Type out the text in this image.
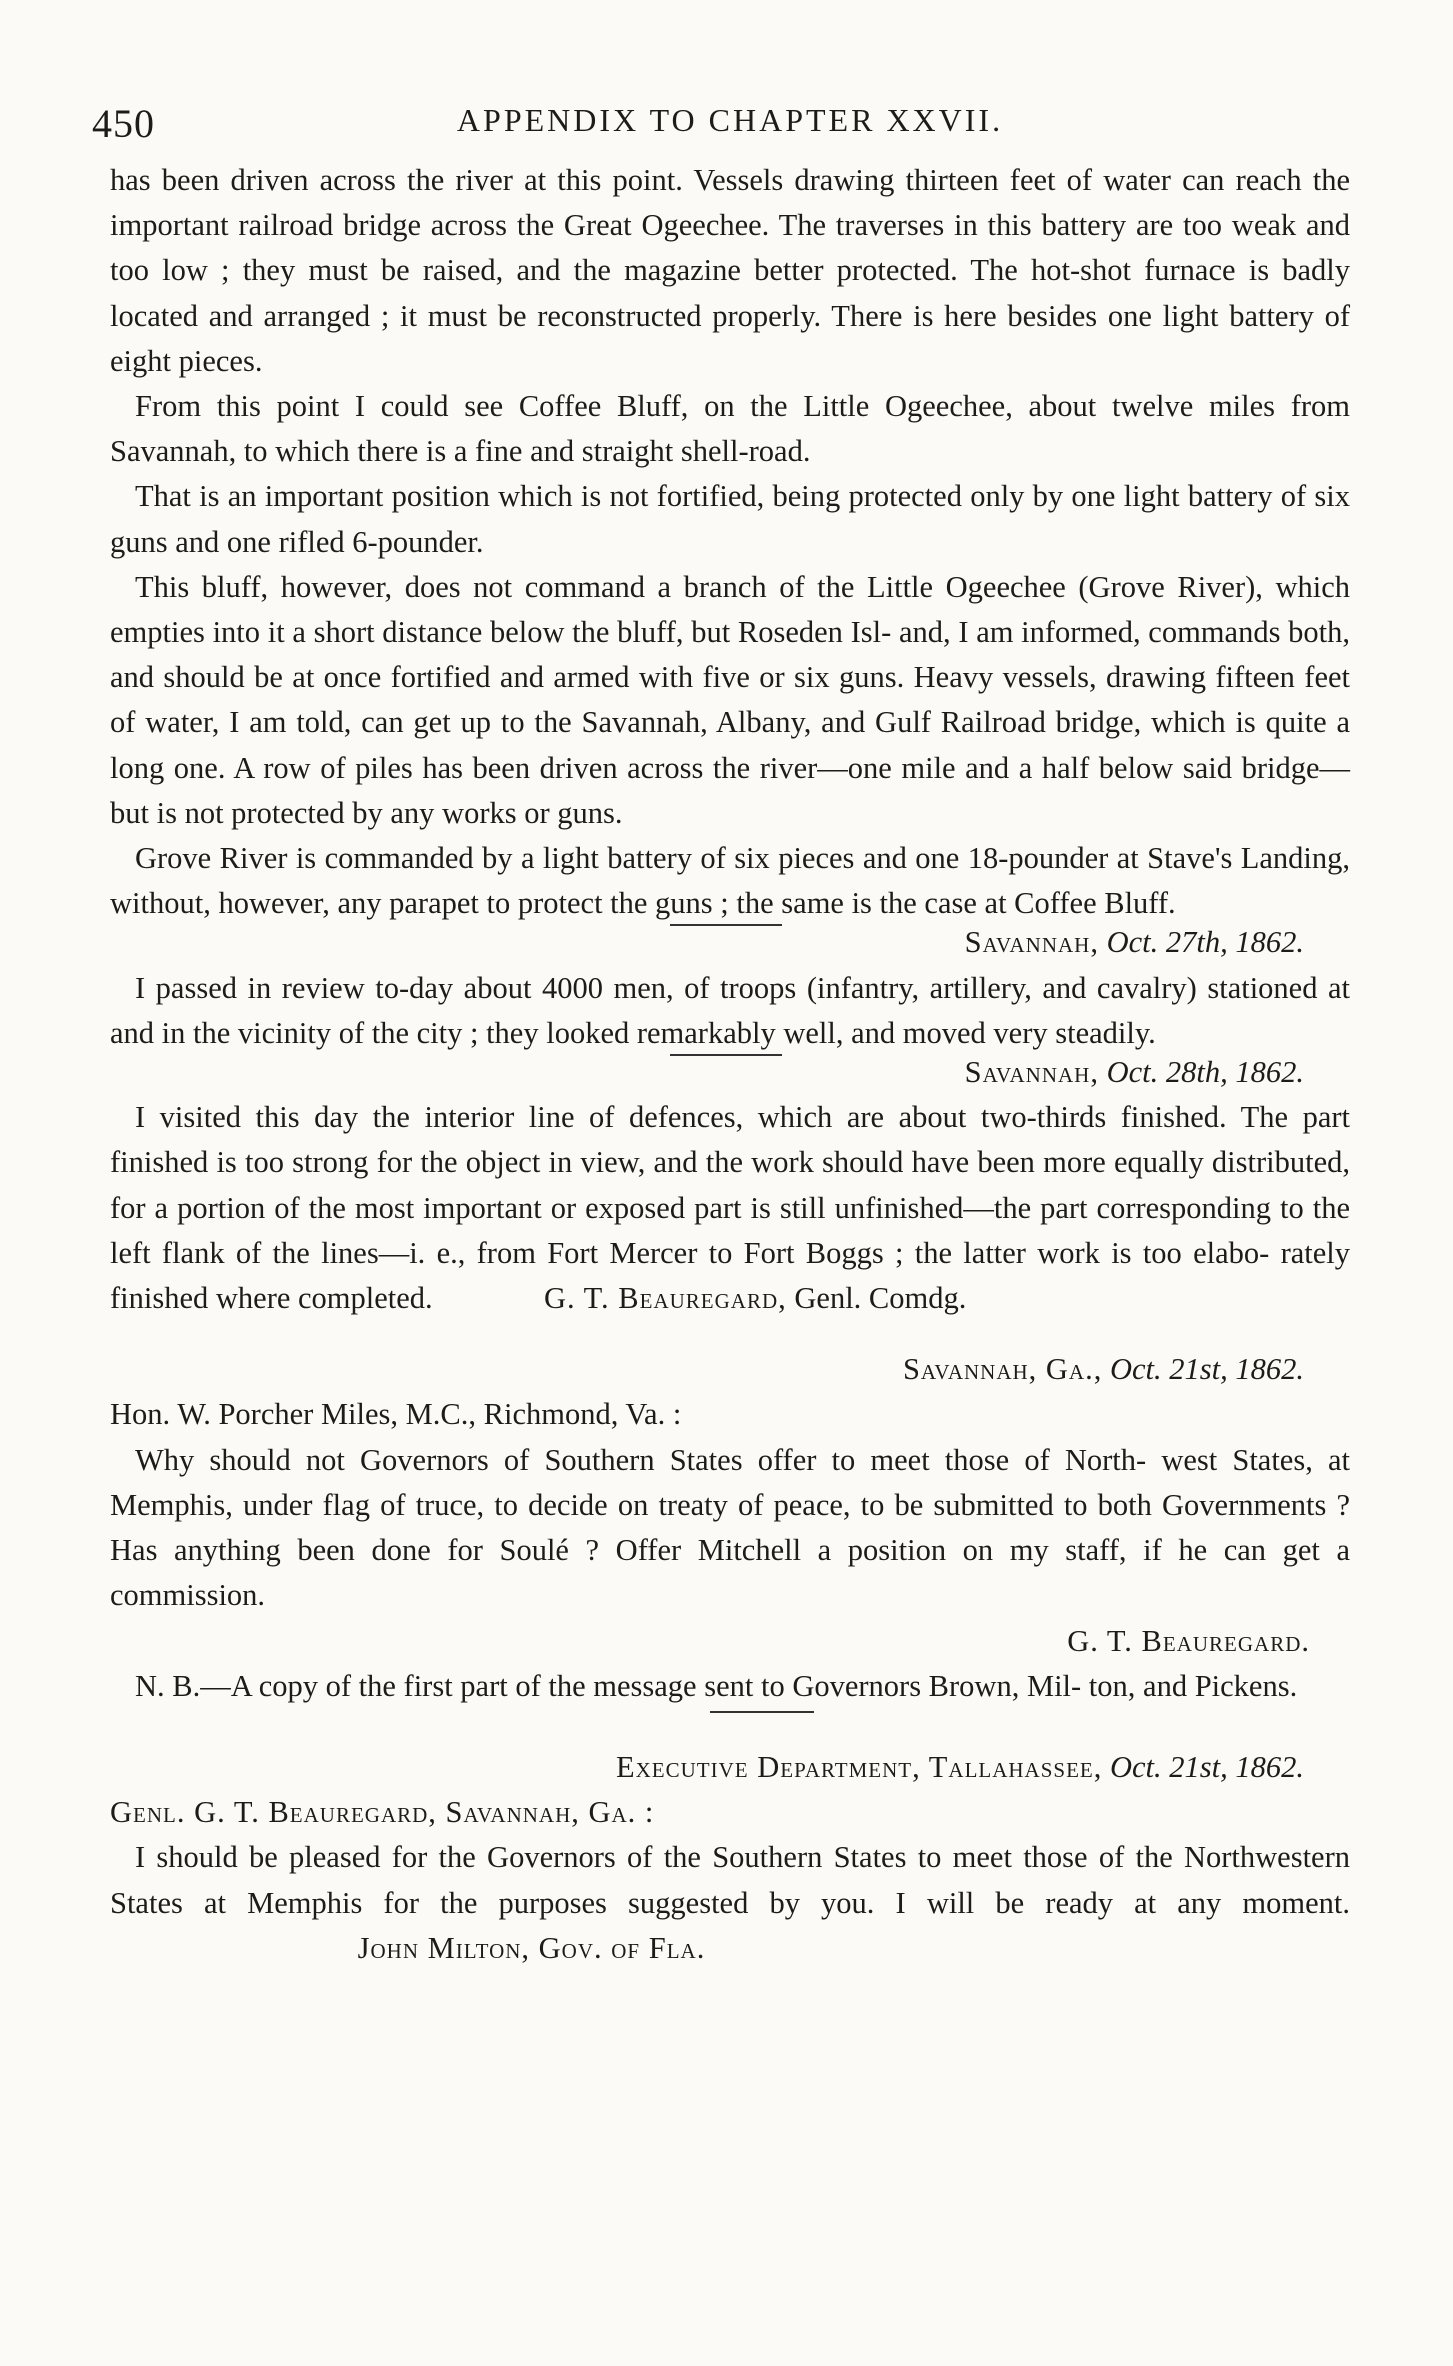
450	APPENDIX TO CHAPTER XXVII.

has been driven across the river at this point. Vessels drawing thirteen feet of water can reach the important railroad bridge across the Great Ogeechee. The traverses in this battery are too weak and too low ; they must be raised, and the magazine better protected. The hot-shot furnace is badly located and arranged ; it must be reconstructed properly. There is here besides one light battery of eight pieces.

From this point I could see Coffee Bluff, on the Little Ogeechee, about twelve miles from Savannah, to which there is a fine and straight shell-road.

That is an important position which is not fortified, being protected only by one light battery of six guns and one rifled 6-pounder.

This bluff, however, does not command a branch of the Little Ogeechee (Grove River), which empties into it a short distance below the bluff, but Roseden Isl- and, I am informed, commands both, and should be at once fortified and armed with five or six guns. Heavy vessels, drawing fifteen feet of water, I am told, can get up to the Savannah, Albany, and Gulf Railroad bridge, which is quite a long one. A row of piles has been driven across the river—one mile and a half below said bridge—but is not protected by any works or guns.

Grove River is commanded by a light battery of six pieces and one 18-pounder at Stave's Landing, without, however, any parapet to protect the guns ; the same is the case at Coffee Bluff.

Savannah, Oct. 27th, 1862.

I passed in review to-day about 4000 men, of troops (infantry, artillery, and cavalry) stationed at and in the vicinity of the city ; they looked remarkably well, and moved very steadily.

Savannah, Oct. 28th, 1862.

I visited this day the interior line of defences, which are about two-thirds finished. The part finished is too strong for the object in view, and the work should have been more equally distributed, for a portion of the most important or exposed part is still unfinished—the part corresponding to the left flank of the lines—i. e., from Fort Mercer to Fort Boggs ; the latter work is too elabo- rately finished where completed.	G. T. Beauregard, Genl. Comdg.

Savannah, Ga., Oct. 21st, 1862.
Hon. W. Porcher Miles, M.C., Richmond, Va. :

Why should not Governors of Southern States offer to meet those of North- west States, at Memphis, under flag of truce, to decide on treaty of peace, to be submitted to both Governments ? Has anything been done for Soulé ? Offer Mitchell a position on my staff, if he can get a commission.

G. T. Beauregard.

N. B.—A copy of the first part of the message sent to Governors Brown, Mil- ton, and Pickens.

Executive Department, Tallahassee, Oct. 21st, 1862.
Genl. G. T. Beauregard, Savannah, Ga. :

I should be pleased for the Governors of the Southern States to meet those of the Northwestern States at Memphis for the purposes suggested by you. I will be ready at any moment.  John Milton, Gov. of Fla.
